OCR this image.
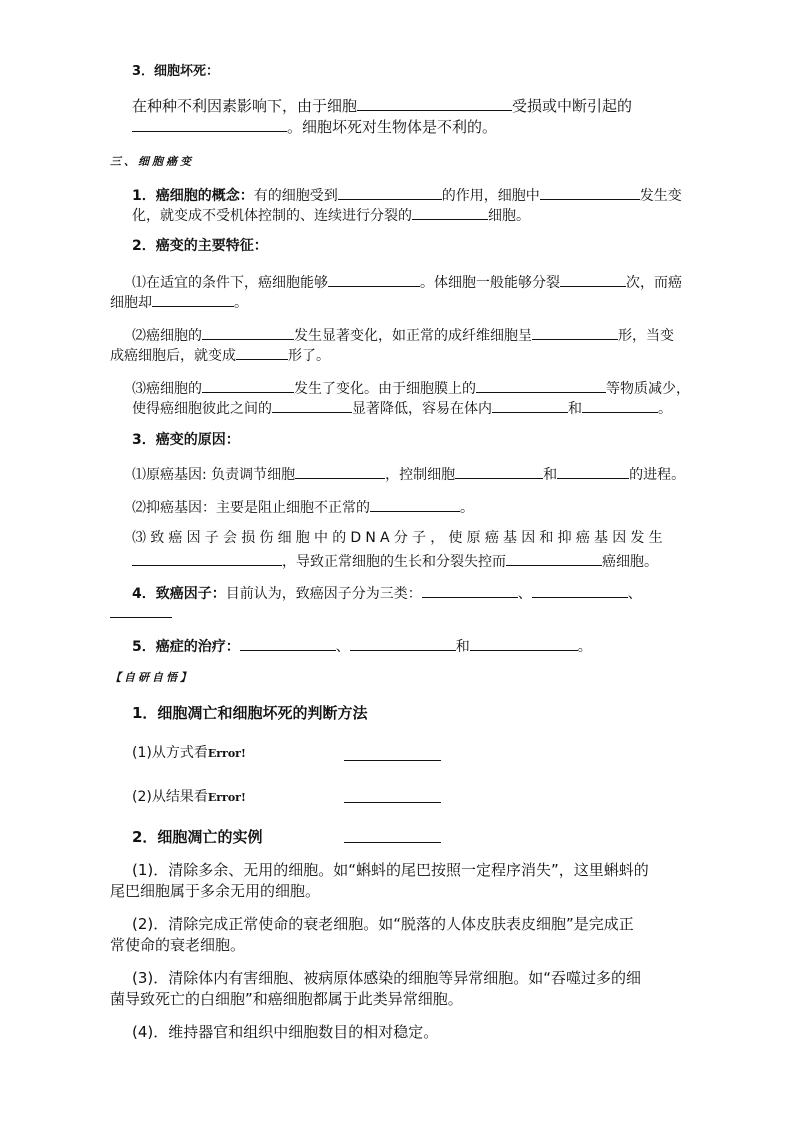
3．细胞坏死：
在种种不利因素影响下，由于细胞	受损或中断引起的
。细胞坏死对生物体是不利的。
三、细胞癌变
1．癌细胞的概念：有的细胞受到	的作用，细胞中	发生变
化，就变成不受机体控制的、连续进行分裂的	细胞。
2．癌变的主要特征：
⑴在适宜的条件下，癌细胞能够	。体细胞一般能够分裂	次，而癌
细胞却	。
⑵癌细胞的	发生显著变化，如正常的成纤维细胞呈	形，当变
成癌细胞后，就变成	形了。
⑶癌细胞的	发生了变化。由于细胞膜上的	等物质减少，
使得癌细胞彼此之间的	显著降低，容易在体内	和	。
3．癌变的原因：
⑴原癌基因: 负责调节细胞	，控制细胞	和	的进程。
⑵抑癌基因：主要是阻止细胞不正常的	。
⑶致癌因子会损伤细胞中的DNA分子，使原癌基因和抑癌基因发生
，导致正常细胞的生长和分裂失控而	癌细胞。
4．致癌因子：目前认为，致癌因子分为三类：	、	、
5．癌症的治疗：	、	和	。
【自研自悟】
1．细胞凋亡和细胞坏死的判断方法
(1)从方式看Error!
(2)从结果看Error!
2．细胞凋亡的实例
(1)．清除多余、无用的细胞。如“蝌蚪的尾巴按照一定程序消失”，这里蝌蚪的
尾巴细胞属于多余无用的细胞。
(2)．清除完成正常使命的衰老细胞。如“脱落的人体皮肤表皮细胞”是完成正
常使命的衰老细胞。
(3)．清除体内有害细胞、被病原体感染的细胞等异常细胞。如“吞噬过多的细
菌导致死亡的白细胞”和癌细胞都属于此类异常细胞。
(4)．维持器官和组织中细胞数目的相对稳定。
